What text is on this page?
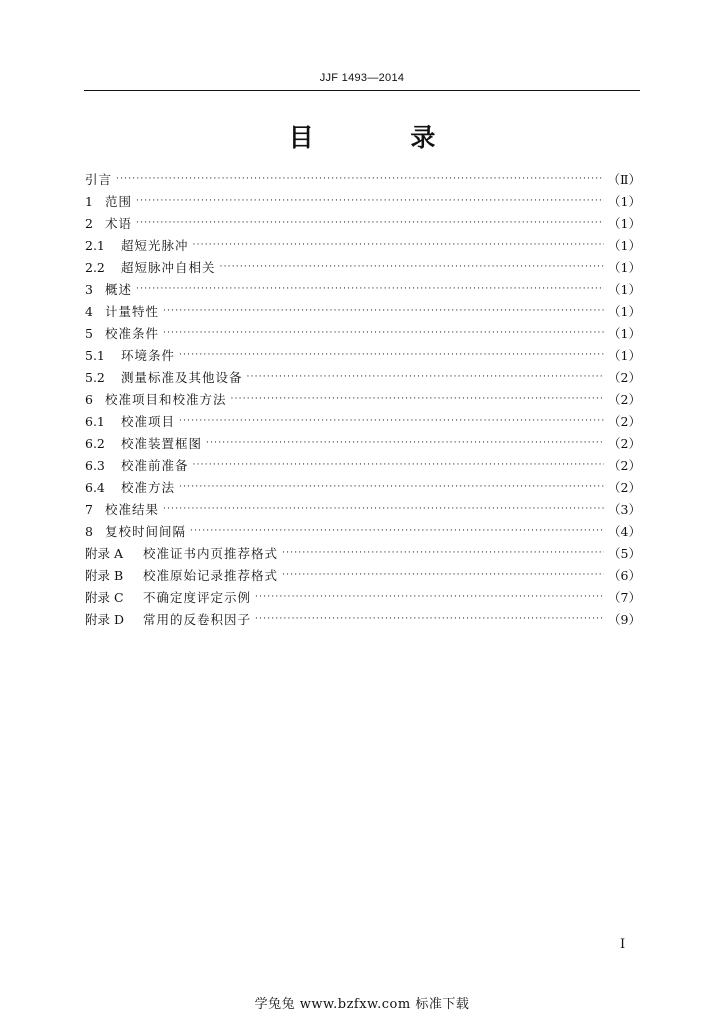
JJF 1493—2014
目 录
引言 ·····	（Ⅱ）
1 范围 ·····	（1）
2 术语 ·····	（1）
2.1	超短光脉冲 ·····	（1）
2.2	超短脉冲自相关 ·····	（1）
3 概述 ·····	（1）
4 计量特性 ·····	（1）
5 校准条件 ·····	（1）
5.1	环境条件 ·····	（1）
5.2	测量标准及其他设备 ·····	（2）
6 校准项目和校准方法 ·····	（2）
6.1	校准项目 ·····	（2）
6.2	校准装置框图 ·····	（2）
6.3	校准前准备 ·····	（2）
6.4	校准方法 ·····	（2）
7 校准结果 ·····	（3）
8 复校时间间隔 ·····	（4）
附录 A	校准证书内页推荐格式 ·····	（5）
附录 B	校准原始记录推荐格式 ·····	（6）
附录 C	不确定度评定示例 ·····	（7）
附录 D	常用的反卷积因子 ·····	（9）
I
学兔兔 www.bzfxw.com 标准下载
